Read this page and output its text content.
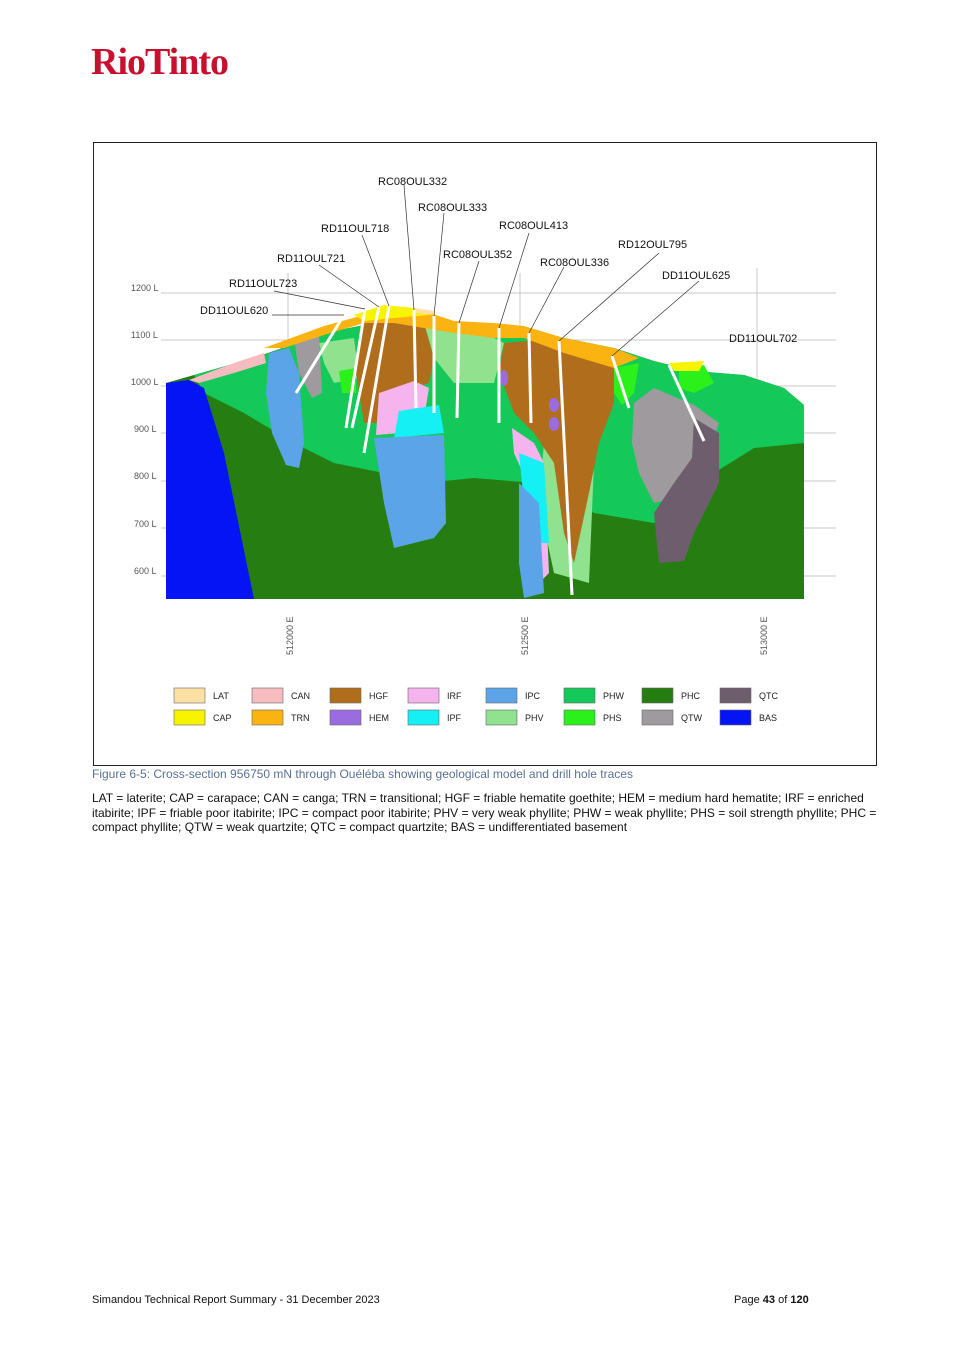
RioTinto
1200 L
1100 L
1000 L
900 L
800 L
700 L
600 L
512000 E	512500 E	513000 E
RC08OUL332
RC08OUL333
RD11OUL718	RC08OUL413
RD12OUL795
RC08OUL352
RD11OUL721	RC08OUL336
DD11OUL625
RD11OUL723
DD11OUL620
DD11OUL702
LAT	CAN	HGF	IRF	IPC	PHW	PHC	QTC
CAP	TRN	HEM	IPF	PHV	PHS	QTW	BAS
Figure 6-5: Cross-section 956750 mN through Ouéléba showing geological model and drill hole traces
LAT = laterite; CAP = carapace; CAN = canga; TRN = transitional; HGF = friable hematite goethite; HEM = medium hard hematite; IRF = enriched itabirite; IPF = friable poor itabirite; IPC = compact poor itabirite; PHV = very weak phyllite; PHW = weak phyllite; PHS = soil strength phyllite; PHC = compact phyllite; QTW = weak quartzite; QTC = compact quartzite; BAS = undifferentiated basement
Simandou Technical Report Summary - 31 December 2023	Page 43 of 120
